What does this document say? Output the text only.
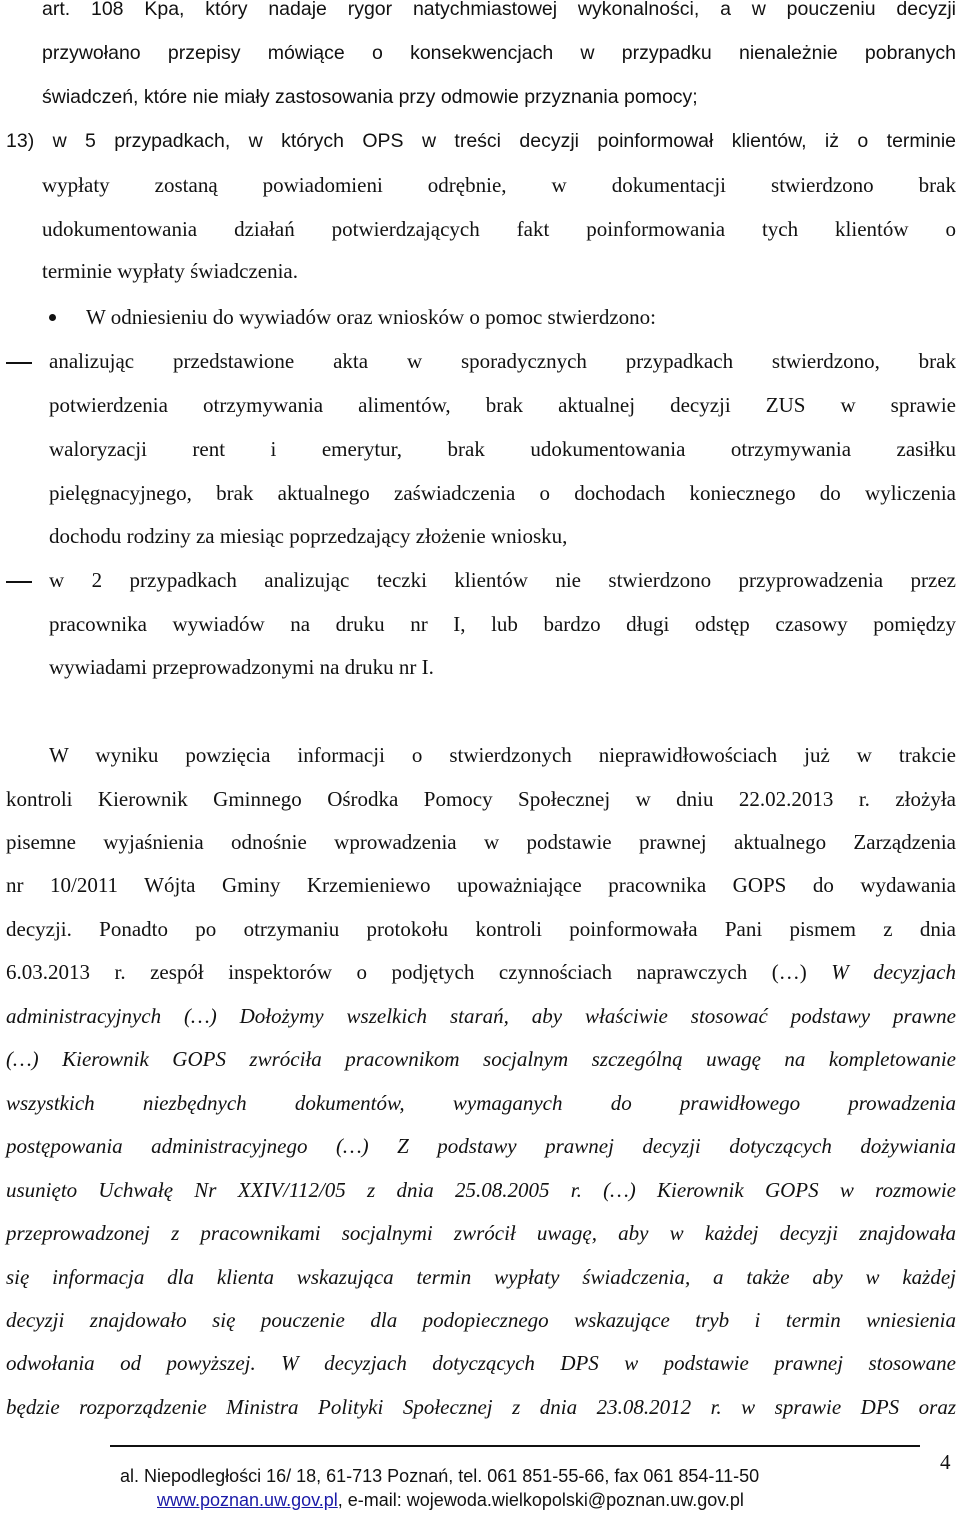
art. 108 Kpa, który nadaje rygor natychmiastowej wykonalności, a w pouczeniu decyzji
przywołano przepisy mówiące o konsekwencjach w przypadku nienależnie pobranych
świadczeń, które nie miały zastosowania przy odmowie przyznania pomocy;
13) w 5 przypadkach, w których OPS w treści decyzji poinformował klientów, iż o terminie
wypłaty zostaną powiadomieni odrębnie, w dokumentacji stwierdzono brak
udokumentowania działań potwierdzających fakt poinformowania tych klientów o
terminie wypłaty świadczenia.
W odniesieniu do wywiadów oraz wniosków o pomoc stwierdzono:
analizując przedstawione akta w sporadycznych przypadkach stwierdzono, brak
potwierdzenia otrzymywania alimentów, brak aktualnej decyzji ZUS w sprawie
waloryzacji rent i emerytur, brak udokumentowania otrzymywania zasiłku
pielęgnacyjnego, brak aktualnego zaświadczenia o dochodach koniecznego do wyliczenia
dochodu rodziny za miesiąc poprzedzający złożenie wniosku,
w 2 przypadkach analizując teczki klientów nie stwierdzono przyprowadzenia przez
pracownika wywiadów na druku nr I, lub bardzo długi odstęp czasowy pomiędzy
wywiadami przeprowadzonymi na druku nr I.
W wyniku powzięcia informacji o stwierdzonych nieprawidłowościach już w trakcie
kontroli Kierownik Gminnego Ośrodka Pomocy Społecznej w dniu 22.02.2013 r. złożyła
pisemne wyjaśnienia odnośnie wprowadzenia w podstawie prawnej aktualnego Zarządzenia
nr 10/2011 Wójta Gminy Krzemieniewo upoważniające pracownika GOPS do wydawania
decyzji. Ponadto po otrzymaniu protokołu kontroli poinformowała Pani pismem z dnia
6.03.2013 r. zespół inspektorów o podjętych czynnościach naprawczych (…) W decyzjach
administracyjnych (…) Dołożymy wszelkich starań, aby właściwie stosować podstawy prawne
(…) Kierownik GOPS zwróciła pracownikom socjalnym szczególną uwagę na kompletowanie
wszystkich niezbędnych dokumentów, wymaganych do prawidłowego prowadzenia
postępowania administracyjnego (…) Z podstawy prawnej decyzji dotyczących dożywiania
usunięto Uchwałę Nr XXIV/112/05 z dnia 25.08.2005 r. (…) Kierownik GOPS w rozmowie
przeprowadzonej z pracownikami socjalnymi zwrócił uwagę, aby w każdej decyzji znajdowała
się informacja dla klienta wskazująca termin wypłaty świadczenia, a także aby w każdej
decyzji znajdowało się pouczenie dla podopiecznego wskazujące tryb i termin wniesienia
odwołania od powyższej. W decyzjach dotyczących DPS w podstawie prawnej stosowane
będzie rozporządzenie Ministra Polityki Społecznej z dnia 23.08.2012 r. w sprawie DPS oraz
4
al. Niepodległości 16/ 18, 61-713 Poznań, tel. 061 851-55-66, fax 061 854-11-50
www.poznan.uw.gov.pl, e-mail: wojewoda.wielkopolski@poznan.uw.gov.pl
